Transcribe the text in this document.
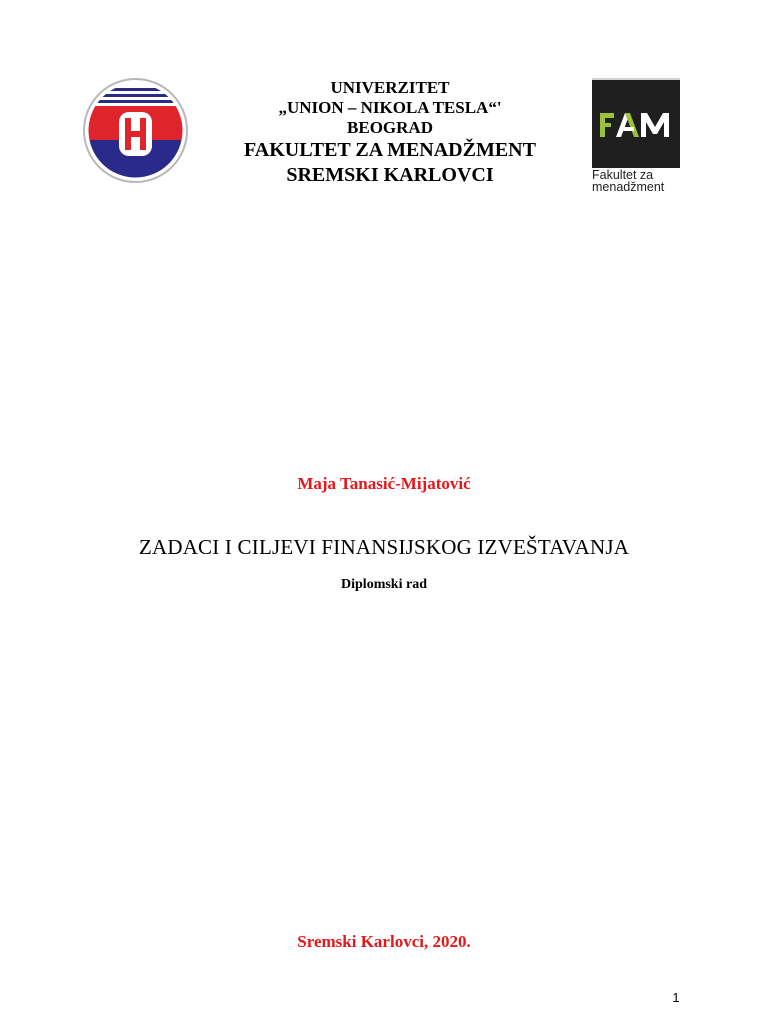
UNIVERZITET
„UNION – NIKOLA TESLA“'
BEOGRAD
FAKULTET ZA MENADŽMENT
SREMSKI KARLOVCI	Fakultet za
menadžment
Maja Tanasić-Mijatović
ZADACI I CILJEVI FINANSIJSKOG IZVEŠTAVANJA
Diplomski rad
Sremski Karlovci, 2020.
1
